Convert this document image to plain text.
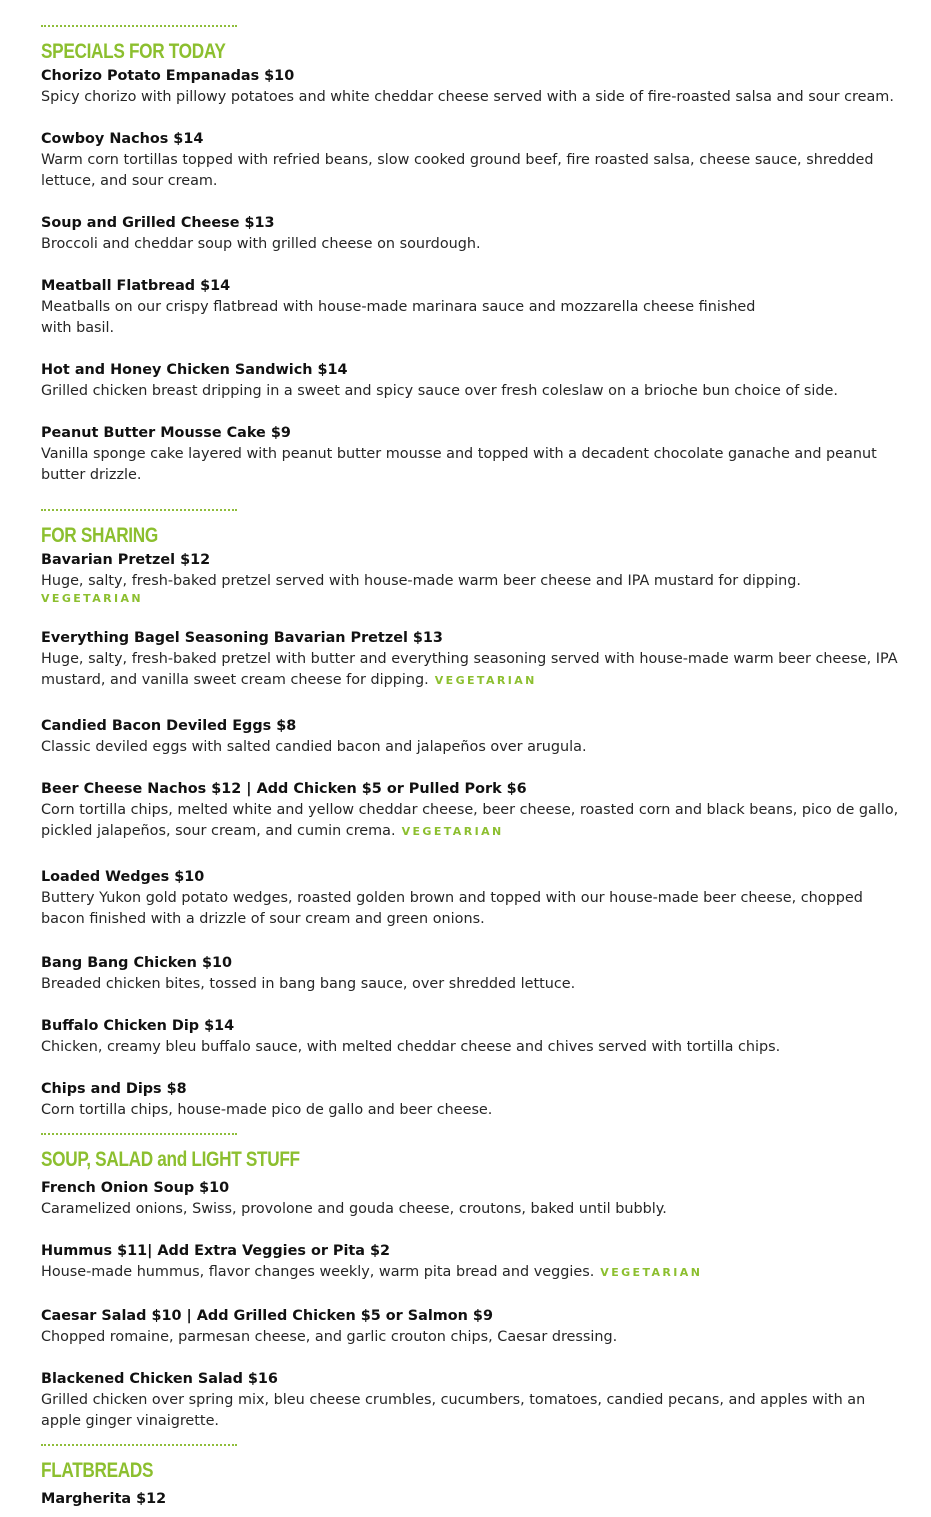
SPECIALS FOR TODAY
Chorizo Potato Empanadas $10
Spicy chorizo with pillowy potatoes and white cheddar cheese served with a side of fire-roasted salsa and sour cream.
Cowboy Nachos $14
Warm corn tortillas topped with refried beans, slow cooked ground beef, fire roasted salsa, cheese sauce, shredded lettuce, and sour cream.
Soup and Grilled Cheese $13
Broccoli and cheddar soup with grilled cheese on sourdough.
Meatball Flatbread $14
Meatballs on our crispy flatbread with house-made marinara sauce and mozzarella cheese finished
with basil.
Hot and Honey Chicken Sandwich $14
Grilled chicken breast dripping in a sweet and spicy sauce over fresh coleslaw on a brioche bun choice of side.
Peanut Butter Mousse Cake $9
Vanilla sponge cake layered with peanut butter mousse and topped with a decadent chocolate ganache and peanut butter drizzle.
FOR SHARING
Bavarian Pretzel $12
Huge, salty, fresh-baked pretzel served with house-made warm beer cheese and IPA mustard for dipping.
VEGETARIAN
Everything Bagel Seasoning Bavarian Pretzel $13
Huge, salty, fresh-baked pretzel with butter and everything seasoning served with house-made warm beer cheese, IPA mustard, and vanilla sweet cream cheese for dipping. VEGETARIAN
Candied Bacon Deviled Eggs $8
Classic deviled eggs with salted candied bacon and jalapeños over arugula.
Beer Cheese Nachos $12 | Add Chicken $5 or Pulled Pork $6
Corn tortilla chips, melted white and yellow cheddar cheese, beer cheese, roasted corn and black beans, pico de gallo, pickled jalapeños, sour cream, and cumin crema. VEGETARIAN
Loaded Wedges $10
Buttery Yukon gold potato wedges, roasted golden brown and topped with our house-made beer cheese, chopped bacon finished with a drizzle of sour cream and green onions.
Bang Bang Chicken $10
Breaded chicken bites, tossed in bang bang sauce, over shredded lettuce.
Buffalo Chicken Dip $14
Chicken, creamy bleu buffalo sauce, with melted cheddar cheese and chives served with tortilla chips.
Chips and Dips $8
Corn tortilla chips, house-made pico de gallo and beer cheese.
SOUP, SALAD and LIGHT STUFF
French Onion Soup $10
Caramelized onions, Swiss, provolone and gouda cheese, croutons, baked until bubbly.
Hummus $11| Add Extra Veggies or Pita $2
House-made hummus, flavor changes weekly, warm pita bread and veggies. VEGETARIAN
Caesar Salad $10 | Add Grilled Chicken $5 or Salmon $9
Chopped romaine, parmesan cheese, and garlic crouton chips, Caesar dressing.
Blackened Chicken Salad $16
Grilled chicken over spring mix, bleu cheese crumbles, cucumbers, tomatoes, candied pecans, and apples with an apple ginger vinaigrette.
FLATBREADS
Margherita $12
